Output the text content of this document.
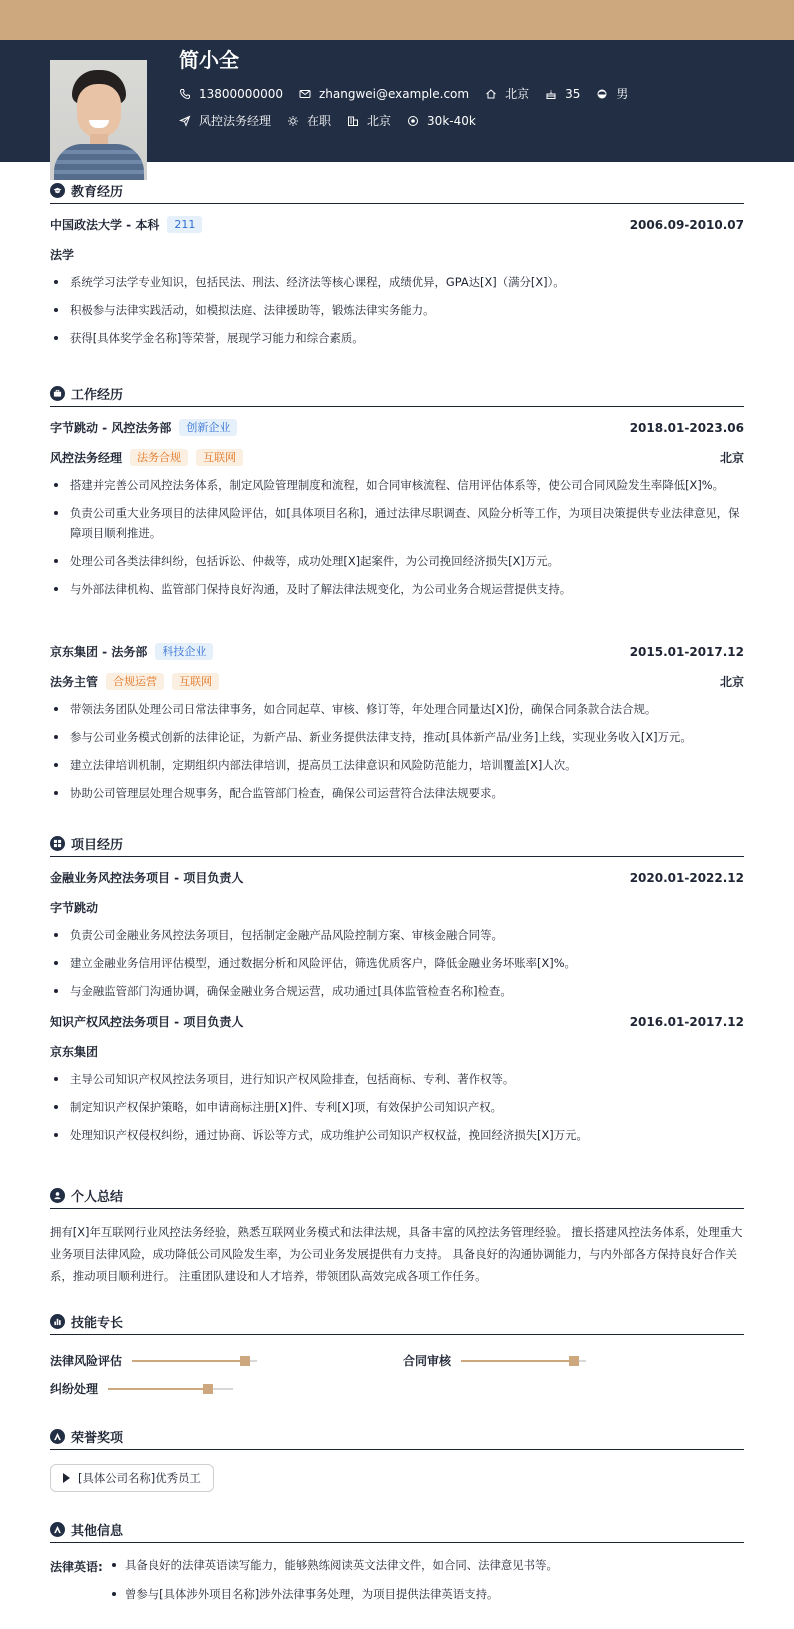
简小全
13800000000	zhangwei@example.com	北京	35	男
风控法务经理	在职	北京	30k-40k
教育经历
中国政法大学 - 本科	211	2006.09-2010.07
法学
系统学习法学专业知识，包括民法、刑法、经济法等核心课程，成绩优异，GPA达[X]（满分[X]）。
积极参与法律实践活动，如模拟法庭、法律援助等，锻炼法律实务能力。
获得[具体奖学金名称]等荣誉，展现学习能力和综合素质。
工作经历
字节跳动 - 风控法务部	创新企业	2018.01-2023.06
风控法务经理	法务合规	互联网	北京
搭建并完善公司风控法务体系，制定风险管理制度和流程，如合同审核流程、信用评估体系等，使公司合同风险发生率降低[X]%。
负责公司重大业务项目的法律风险评估，如[具体项目名称]，通过法律尽职调查、风险分析等工作，为项目决策提供专业法律意见，保障项目顺利推进。
处理公司各类法律纠纷，包括诉讼、仲裁等，成功处理[X]起案件，为公司挽回经济损失[X]万元。
与外部法律机构、监管部门保持良好沟通，及时了解法律法规变化，为公司业务合规运营提供支持。
京东集团 - 法务部	科技企业	2015.01-2017.12
法务主管	合规运营	互联网	北京
带领法务团队处理公司日常法律事务，如合同起草、审核、修订等，年处理合同量达[X]份，确保合同条款合法合规。
参与公司业务模式创新的法律论证，为新产品、新业务提供法律支持，推动[具体新产品/业务]上线，实现业务收入[X]万元。
建立法律培训机制，定期组织内部法律培训，提高员工法律意识和风险防范能力，培训覆盖[X]人次。
协助公司管理层处理合规事务，配合监管部门检查，确保公司运营符合法律法规要求。
项目经历
金融业务风控法务项目 - 项目负责人	2020.01-2022.12
字节跳动
负责公司金融业务风控法务项目，包括制定金融产品风险控制方案、审核金融合同等。
建立金融业务信用评估模型，通过数据分析和风险评估，筛选优质客户，降低金融业务坏账率[X]%。
与金融监管部门沟通协调，确保金融业务合规运营，成功通过[具体监管检查名称]检查。
知识产权风控法务项目 - 项目负责人	2016.01-2017.12
京东集团
主导公司知识产权风控法务项目，进行知识产权风险排查，包括商标、专利、著作权等。
制定知识产权保护策略，如申请商标注册[X]件、专利[X]项，有效保护公司知识产权。
处理知识产权侵权纠纷，通过协商、诉讼等方式，成功维护公司知识产权权益，挽回经济损失[X]万元。
个人总结
拥有[X]年互联网行业风控法务经验，熟悉互联网业务模式和法律法规，具备丰富的风控法务管理经验。 擅长搭建风控法务体系，处理重大业务项目法律风险，成功降低公司风险发生率，为公司业务发展提供有力支持。 具备良好的沟通协调能力，与内外部各方保持良好合作关系，推动项目顺利进行。 注重团队建设和人才培养，带领团队高效完成各项工作任务。
技能专长
法律风险评估	合同审核
纠纷处理
荣誉奖项
[具体公司名称]优秀员工
其他信息
法律英语:	具备良好的法律英语读写能力，能够熟练阅读英文法律文件，如合同、法律意见书等。
曾参与[具体涉外项目名称]涉外法律事务处理，为项目提供法律英语支持。
